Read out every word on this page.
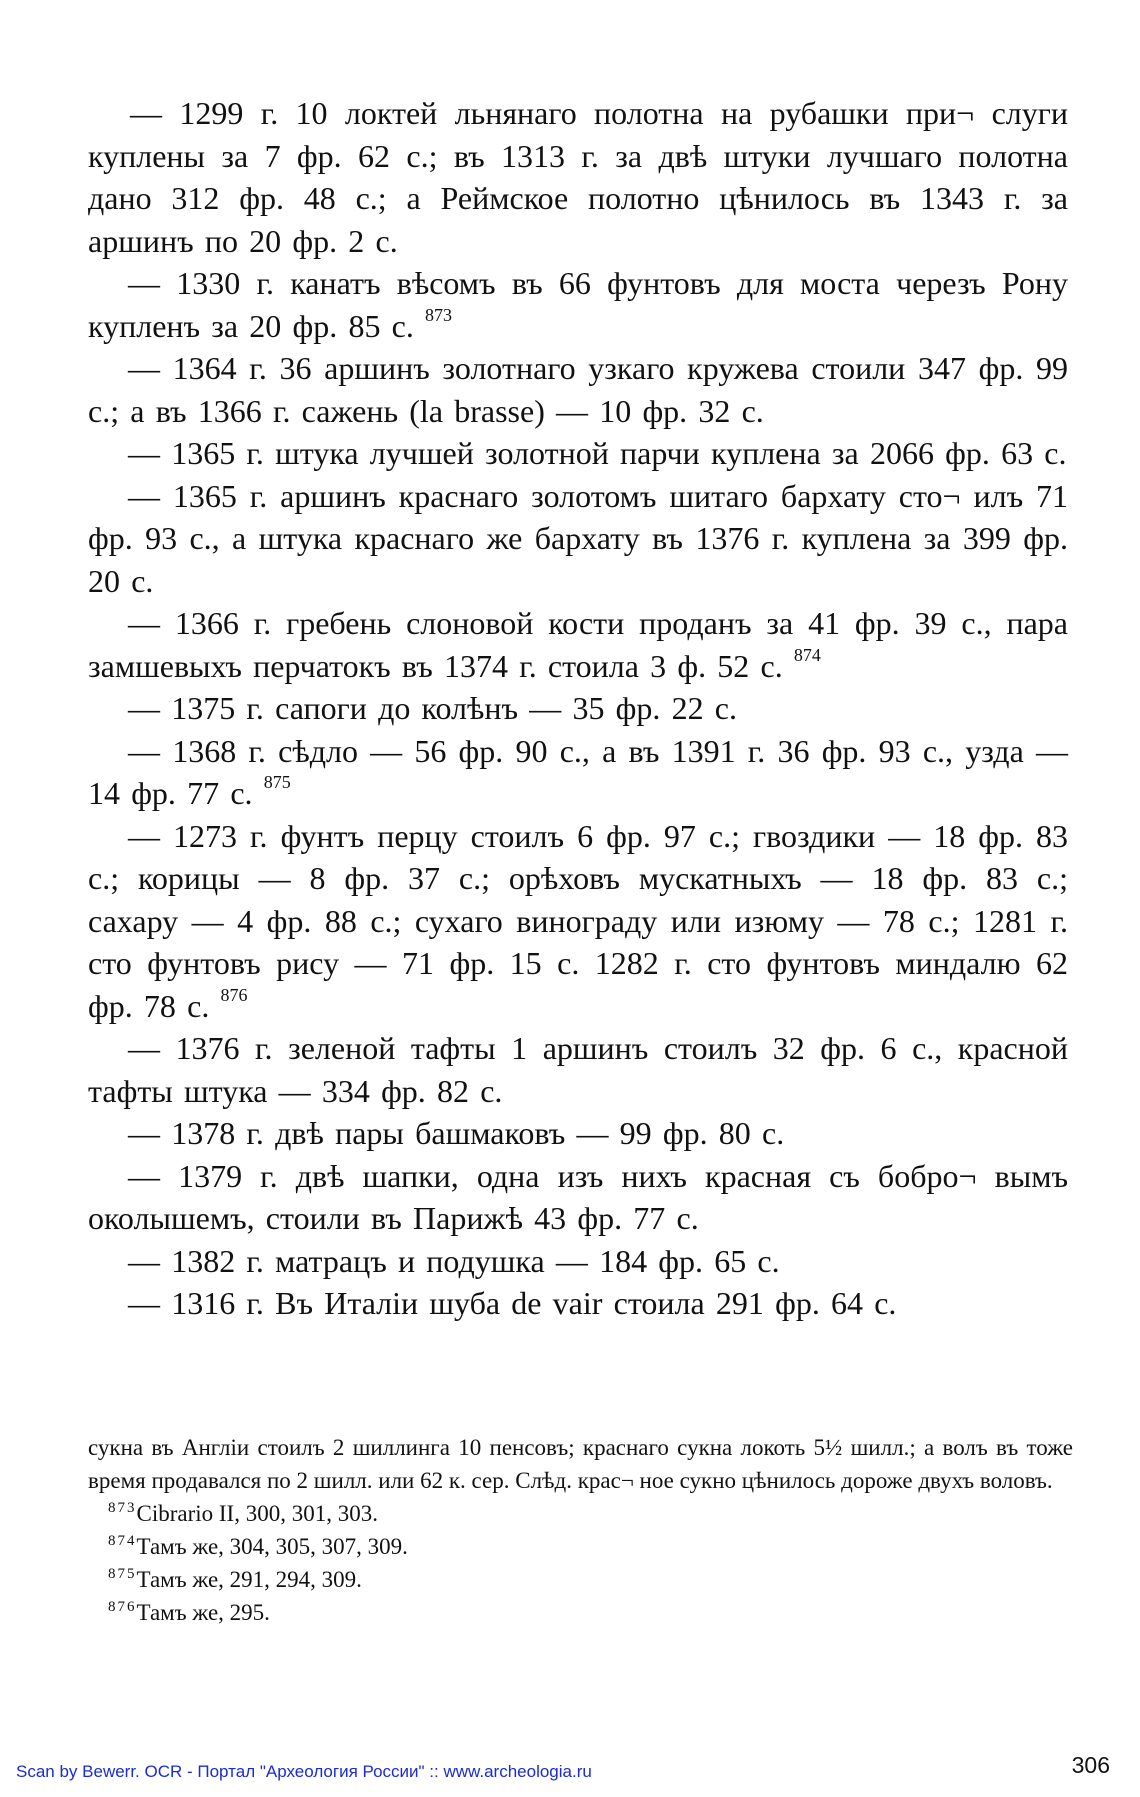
— 1299 г. 10 локтей льнянаго полотна на рубашки при¬ слуги куплены за 7 фр. 62 с.; въ 1313 г. за двѣ штуки лучшаго полотна дано 312 фр. 48 с.; а Реймское полотно цѣнилось въ 1343 г. за аршинъ по 20 фр. 2 с.

— 1330 г. канатъ вѣсомъ въ 66 фунтовъ для моста черезъ Рону купленъ за 20 фр. 85 с. $^{873}$

— 1364 г. 36 аршинъ золотнаго узкаго кружева стоили 347 фр. 99 с.; а въ 1366 г. сажень (la brasse) — 10 фр. 32 с.

— 1365 г. штука лучшей золотной парчи куплена за 2066 фр. 63 с.

— 1365 г. аршинъ краснаго золотомъ шитаго бархату сто¬ илъ 71 фр. 93 с., а штука краснаго же бархату въ 1376 г. куплена за 399 фр. 20 с.

— 1366 г. гребень слоновой кости проданъ за 41 фр. 39 с., пара замшевыхъ перчатокъ въ 1374 г. стоила 3 ф. 52 с. $^{874}$

— 1375 г. сапоги до колѣнъ — 35 фр. 22 с.

— 1368 г. сѣдло — 56 фр. 90 с., а въ 1391 г. 36 фр. 93 с., узда — 14 фр. 77 с. $^{875}$

— 1273 г. фунтъ перцу стоилъ 6 фр. 97 с.; гвоздики — 18 фр. 83 с.; корицы — 8 фр. 37 с.; орѣховъ мускатныхъ — 18 фр. 83 с.; сахару — 4 фр. 88 с.; сухаго винограду или изюму — 78 с.; 1281 г. сто фунтовъ рису — 71 фр. 15 с. 1282 г. сто фунтовъ миндалю 62 фр. 78 с. $^{876}$

— 1376 г. зеленой тафты 1 аршинъ стоилъ 32 фр. 6 с., красной тафты штука — 334 фр. 82 с.

— 1378 г. двѣ пары башмаковъ — 99 фр. 80 с.

— 1379 г. двѣ шапки, одна изъ нихъ красная съ бобро¬ вымъ околышемъ, стоили въ Парижѣ 43 фр. 77 с.

— 1382 г. матрацъ и подушка — 184 фр. 65 с.

— 1316 г. Въ Италіи шуба de vair стоила 291 фр. 64 с.

сукна въ Англіи стоилъ 2 шиллинга 10 пенсовъ; краснаго сукна локоть 5½ шилл.; а волъ въ тоже время продавался по 2 шилл. или 62 к. сер. Слѣд. крас¬ ное сукно цѣнилось дороже двухъ воловъ.

$^{873}$Cibrario II, 300, 301, 303.

$^{874}$Тамъ же, 304, 305, 307, 309.

$^{875}$Тамъ же, 291, 294, 309.

$^{876}$Тамъ же, 295.

Scan by Bewerr. OCR - Портал "Археология России" :: www.archeologia.ru	306
